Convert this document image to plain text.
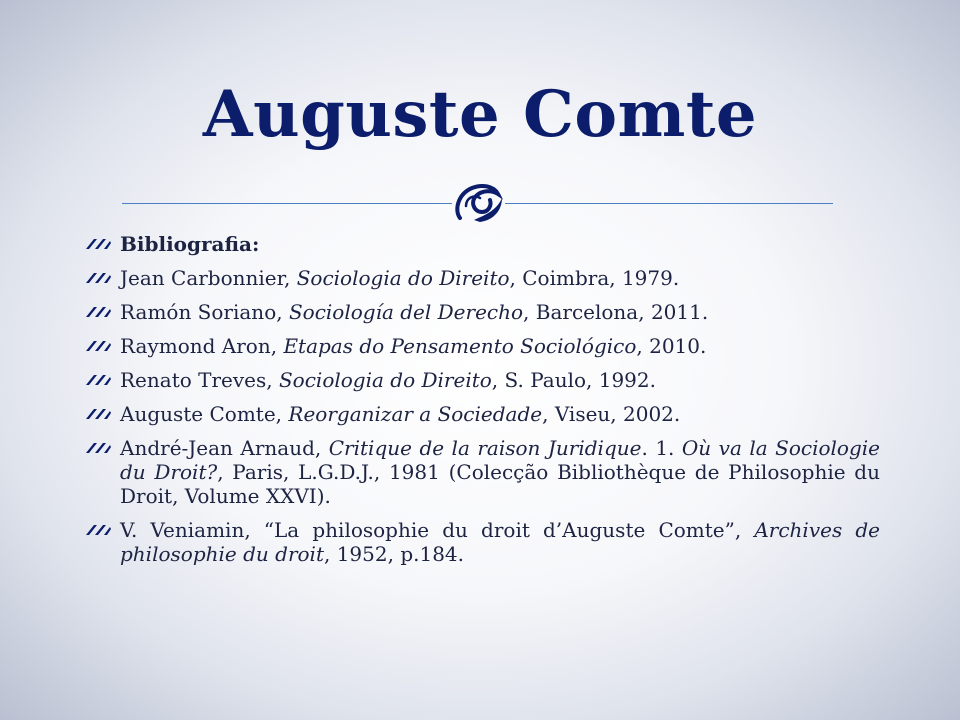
Auguste Comte
Bibliografia:
Jean Carbonnier, Sociologia do Direito, Coimbra, 1979.
Ramón Soriano, Sociología del Derecho, Barcelona, 2011.
Raymond Aron, Etapas do Pensamento Sociológico, 2010.
Renato Treves, Sociologia do Direito, S. Paulo, 1992.
Auguste Comte, Reorganizar a Sociedade, Viseu, 2002.
André-Jean Arnaud, Critique de la raison Juridique. 1. Où va la Sociologie du Droit?, Paris, L.G.D.J., 1981 (Colecção Bibliothèque de Philosophie du Droit, Volume XXVI).
V. Veniamin, “La philosophie du droit d’Auguste Comte”, Archives de philosophie du droit, 1952, p.184.
